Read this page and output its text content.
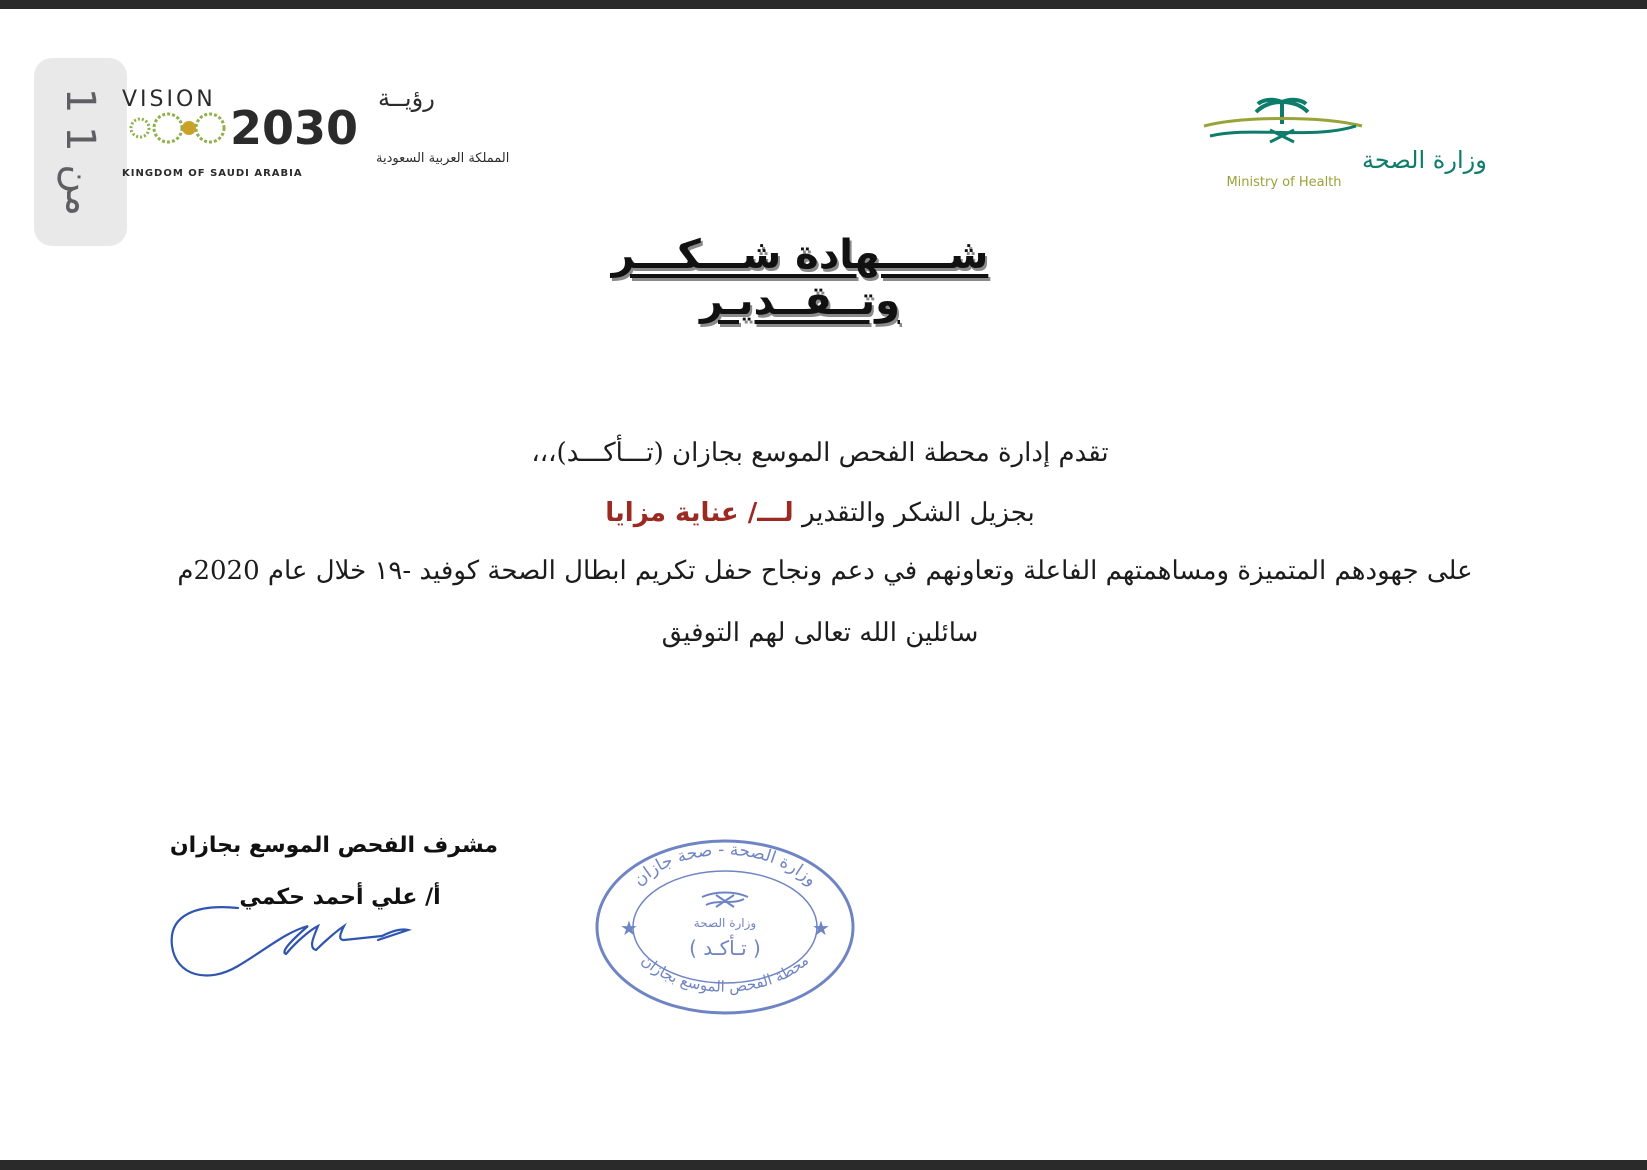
1 من 1
رؤيــة
VISION
2030
المملكة العربية السعودية
KINGDOM OF SAUDI ARABIA	وزارة الصحة
Ministry of Health
شـــــهادة شـــكـــر وتــقــديـر
تقدم إدارة محطة الفحص الموسع بجازان (تـــأكـــد)،،،
بجزيل الشكر والتقدير لـــ/ عناية مزايا
على جهودهم المتميزة ومساهمتهم الفاعلة وتعاونهم في دعم ونجاح حفل تكريم ابطال الصحة كوفيد -١٩ خلال عام 2020م
سائلين الله تعالى لهم التوفيق
مشرف الفحص الموسع بجازان
أ/ علي أحمد حكمي
وزارة الصحة - صحة جازان
محطة الفحص الموسع بجازان
★	★
وزارة الصحة
( تـأكـد )
